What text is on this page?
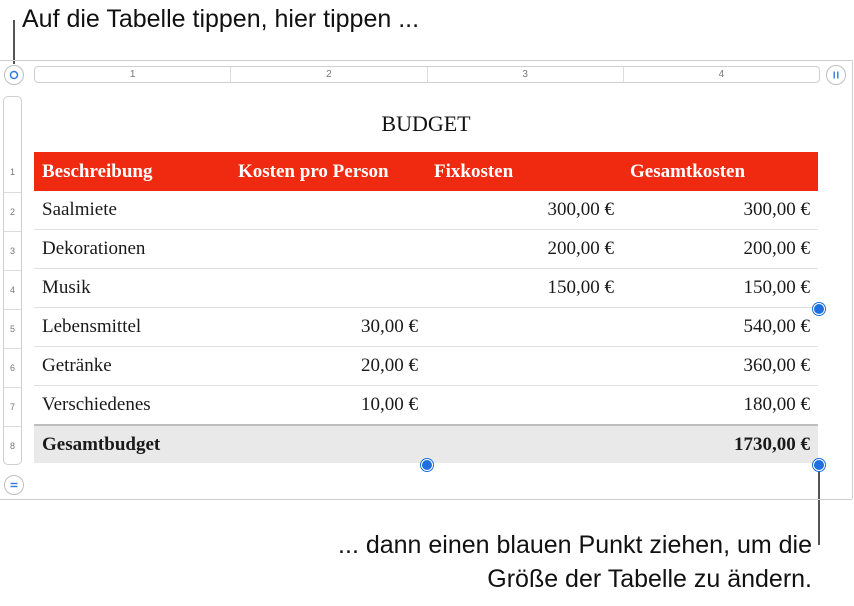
Auf die Tabelle tippen, hier tippen ...
... dann einen blauen Punkt ziehen, um die
Größe der Tabelle zu ändern.
1	2	3	4
1
2
3
4
5
6
7
8
BUDGET
Beschreibung	Kosten pro Person	Fixkosten	Gesamtkosten
Saalmiete		300,00 €	300,00 €
Dekorationen		200,00 €	200,00 €
Musik		150,00 €	150,00 €
Lebensmittel	30,00 €		540,00 €
Getränke	20,00 €		360,00 €
Verschiedenes	10,00 €		180,00 €
Gesamtbudget			1730,00 €
